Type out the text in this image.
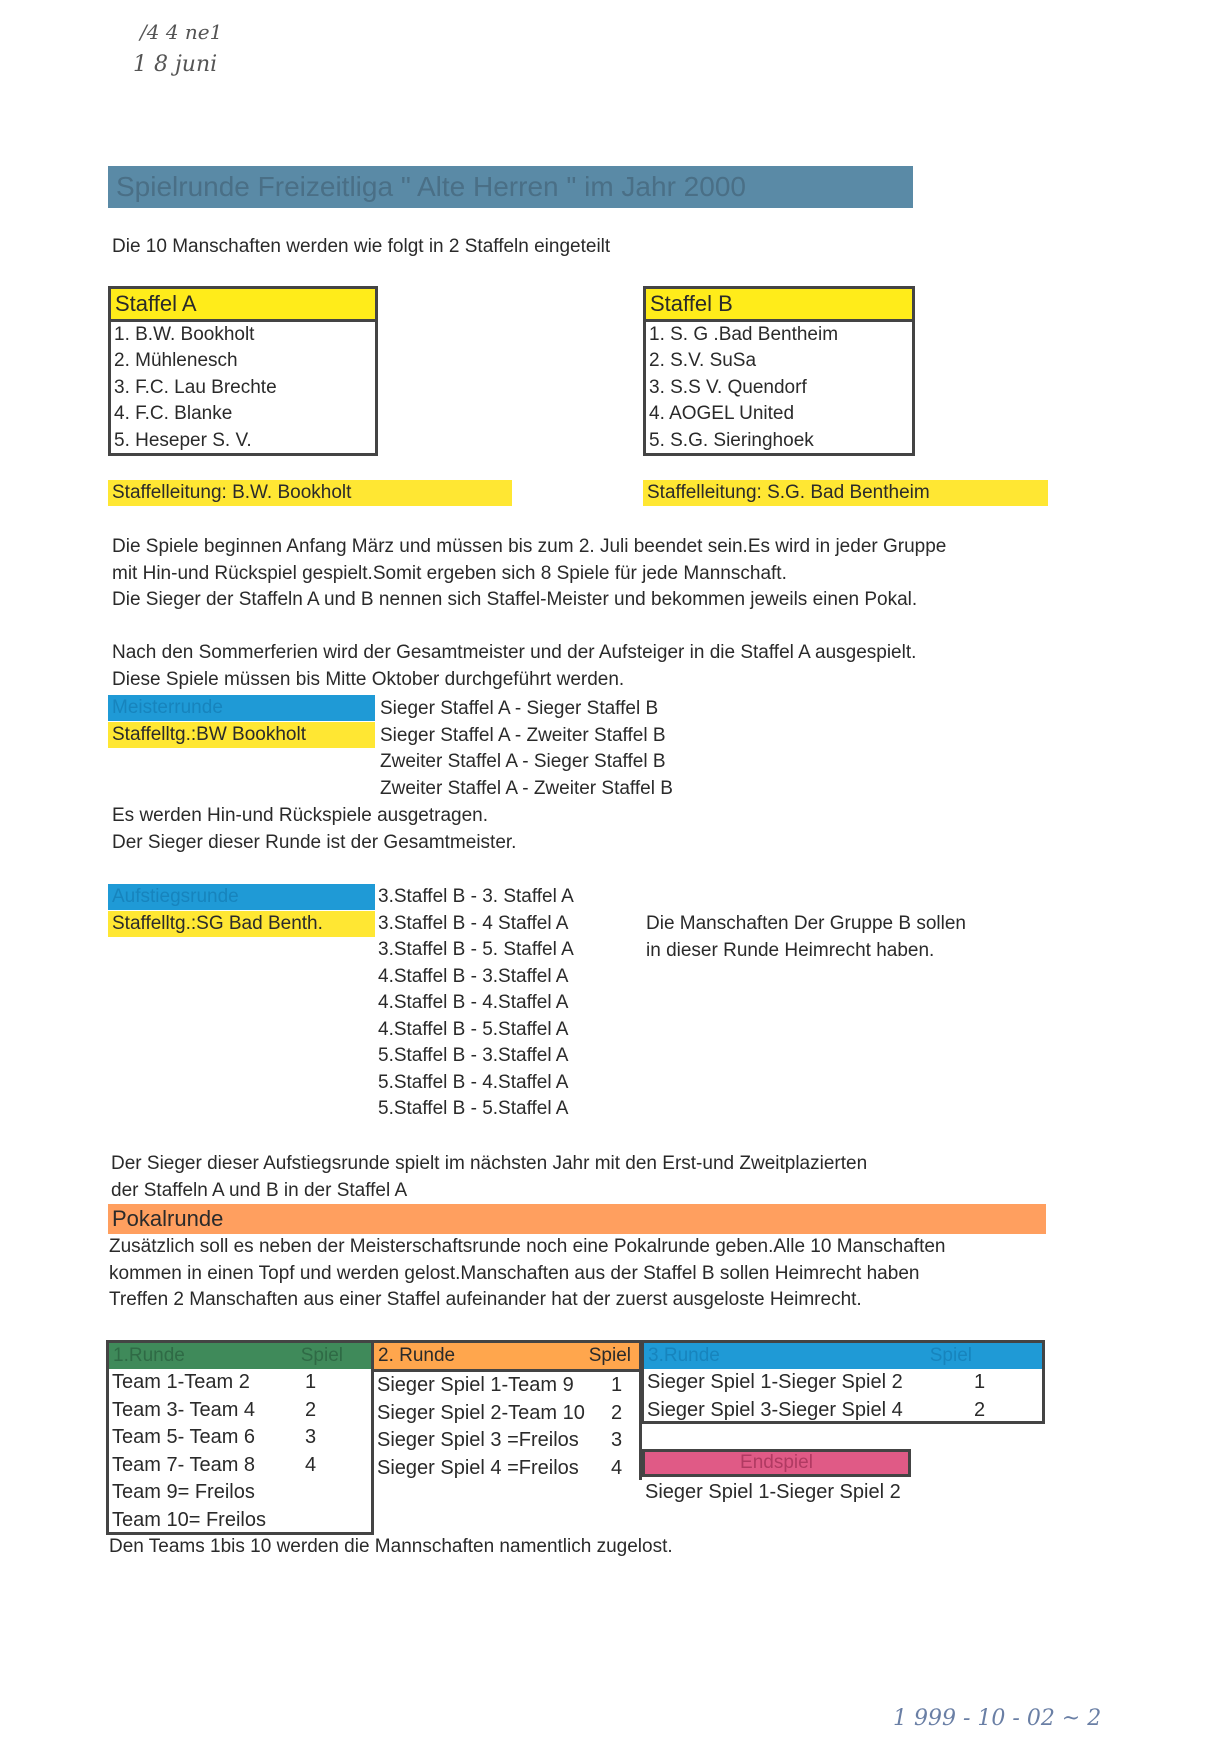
/4 4 ne1
1 8 juni
1 999 - 10 - 02 ~ 2
Spielrunde Freizeitliga " Alte Herren " im Jahr 2000
Die 10 Manschaften werden wie folgt in 2 Staffeln eingeteilt
Staffel A
1. B.W. Bookholt
2. Mühlenesch
3. F.C. Lau Brechte
4. F.C. Blanke
5. Heseper S. V.
Staffel B
1. S. G .Bad Bentheim
2. S.V. SuSa
3. S.S V. Quendorf
4. AOGEL United
5. S.G. Sieringhoek
Staffelleitung: B.W. Bookholt	Staffelleitung: S.G. Bad Bentheim
Die Spiele beginnen Anfang März und müssen bis zum 2. Juli beendet sein.Es wird in jeder Gruppe
mit Hin-und Rückspiel gespielt.Somit ergeben sich 8 Spiele für jede Mannschaft.
Die Sieger der Staffeln A und B nennen sich Staffel-Meister und bekommen jeweils einen Pokal.
Nach den Sommerferien wird der Gesamtmeister und der Aufsteiger in die Staffel A ausgespielt.
Diese Spiele müssen bis Mitte Oktober durchgeführt werden.
Meisterrunde
Staffelltg.:BW Bookholt
Sieger Staffel A - Sieger Staffel B
Sieger Staffel A - Zweiter Staffel B
Zweiter Staffel A - Sieger Staffel B
Zweiter Staffel A - Zweiter Staffel B
Es werden Hin-und Rückspiele ausgetragen.
Der Sieger dieser Runde ist der Gesamtmeister.
Aufstiegsrunde
Staffelltg.:SG Bad Benth.
3.Staffel B - 3. Staffel A
3.Staffel B - 4 Staffel A
3.Staffel B - 5. Staffel A
4.Staffel B - 3.Staffel A
4.Staffel B - 4.Staffel A
4.Staffel B - 5.Staffel A
5.Staffel B - 3.Staffel A
5.Staffel B - 4.Staffel A
5.Staffel B - 5.Staffel A
Die Manschaften Der Gruppe B sollen
in dieser Runde Heimrecht haben.
Der Sieger dieser Aufstiegsrunde spielt im nächsten Jahr mit den Erst-und Zweitplazierten
der Staffeln A und B in der Staffel A
Pokalrunde
Zusätzlich soll es neben der Meisterschaftsrunde noch eine Pokalrunde geben.Alle 10 Manschaften
kommen in einen Topf und werden gelost.Manschaften aus der Staffel B sollen Heimrecht haben
Treffen 2 Manschaften aus einer Staffel aufeinander hat der zuerst ausgeloste Heimrecht.
1.Runde	Spiel
Team 1-Team 2	1
Team 3- Team 4 2
Team 5- Team 6 3
Team 7- Team 8 4
Team 9= Freilos
Team 10= Freilos
2. Runde	Spiel
Sieger Spiel 1-Team 9 1
Sieger Spiel 2-Team 10 2
Sieger Spiel 3 =Freilos 3
Sieger Spiel 4 =Freilos 4
3.Runde	Spiel
Sieger Spiel 1-Sieger Spiel 2	1
Sieger Spiel 3-Sieger Spiel 4	2
Endspiel
Sieger Spiel 1-Sieger Spiel 2
Den Teams 1bis 10 werden die Mannschaften namentlich zugelost.
